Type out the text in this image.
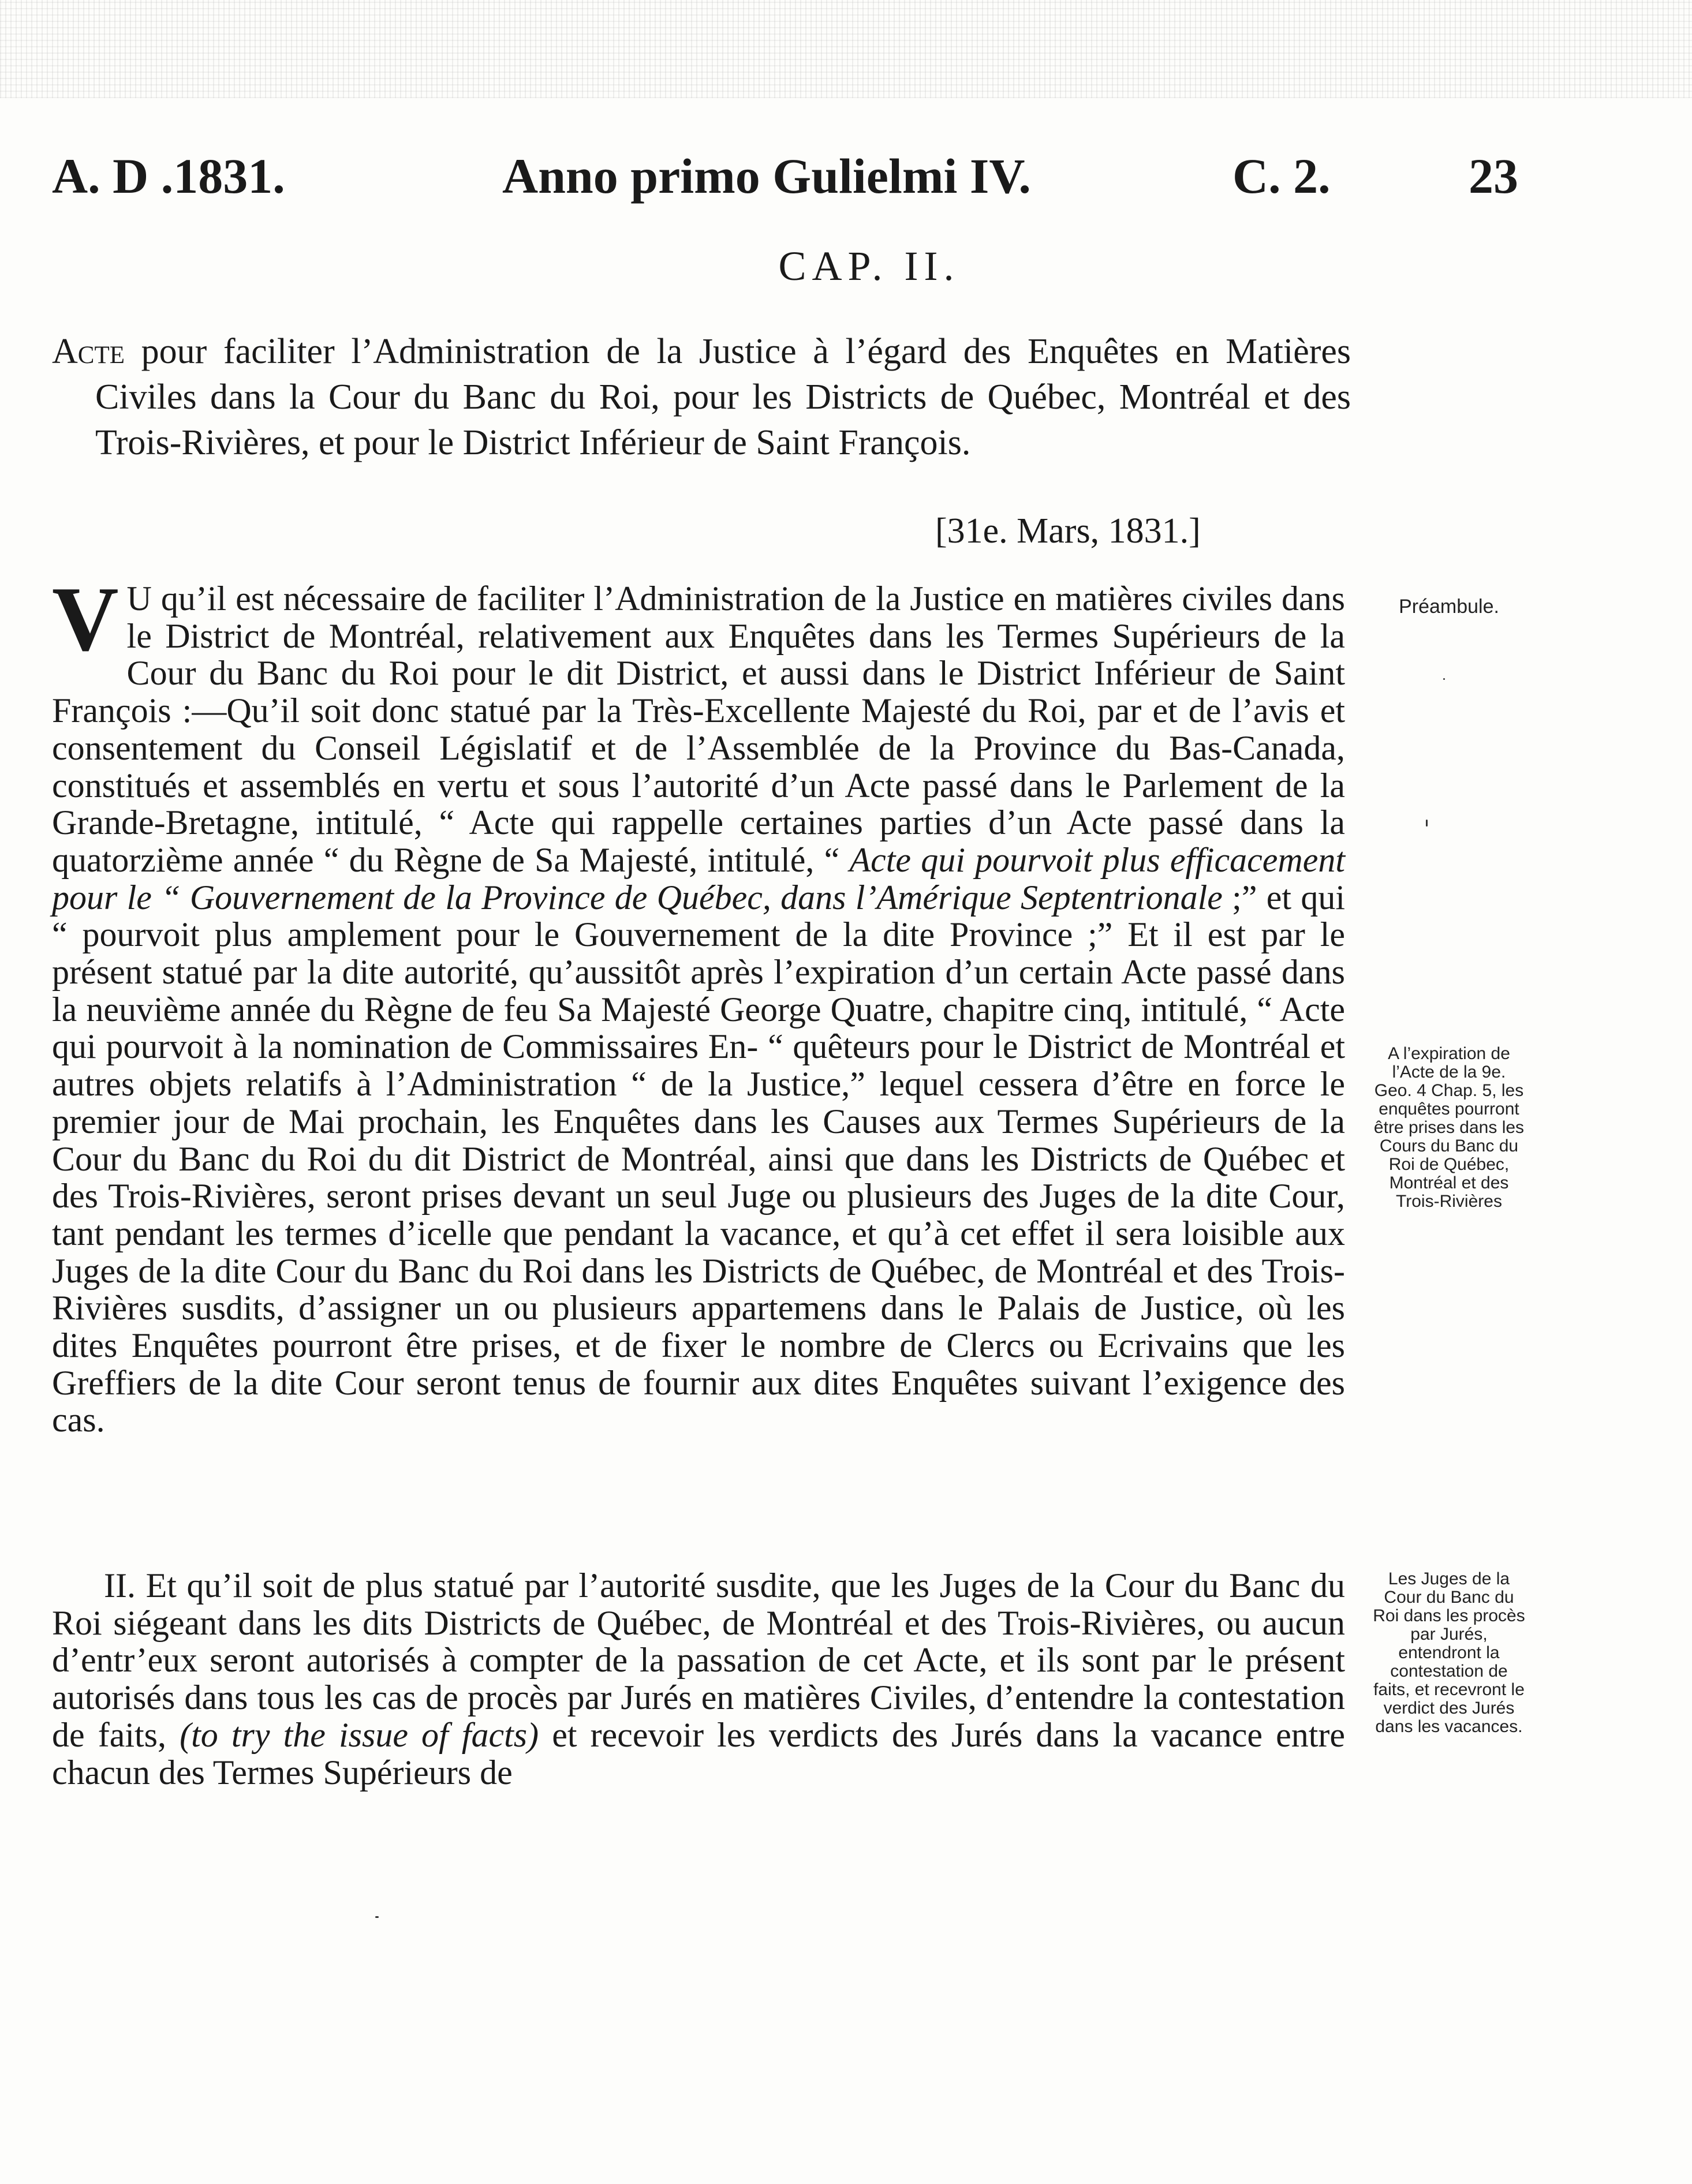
A. D .1831.	Anno primo Gulielmi IV.	C. 2.	23
CAP. II.

Acte pour faciliter l’Administration de la Justice à l’égard des Enquêtes en Matières Civiles dans la Cour du Banc du Roi, pour les Districts de Québec, Montréal et des Trois-Rivières, et pour le District Inférieur de Saint François.

[31e. Mars, 1831.]

V U qu’il est nécessaire de faciliter l’Administration de la Justice en matières civiles dans le District de Montréal, relativement aux Enquêtes dans les Termes Supérieurs de la Cour du Banc du Roi pour le dit District, et aussi dans le District Inférieur de Saint François :—Qu’il soit donc statué par la Très-Excellente Majesté du Roi, par et de l’avis et consentement du Conseil Législatif et de l’Assemblée de la Province du Bas-Canada, constitués et assemblés en vertu et sous l’autorité d’un Acte passé dans le Parlement de la Grande-Bretagne, intitulé, “ Acte qui rappelle certaines parties d’un Acte passé dans la quatorzième année “ du Règne de Sa Majesté, intitulé, “ Acte qui pourvoit plus efficacement pour le “ Gouvernement de la Province de Québec, dans l’Amérique Septentrionale ;” et qui “ pourvoit plus amplement pour le Gouvernement de la dite Province ;” Et il est par le présent statué par la dite autorité, qu’aussitôt après l’expiration d’un certain Acte passé dans la neuvième année du Règne de feu Sa Majesté George Quatre, chapitre cinq, intitulé, “ Acte qui pourvoit à la nomination de Commissaires En- “ quêteurs pour le District de Montréal et autres objets relatifs à l’Administration “ de la Justice,” lequel cessera d’être en force le premier jour de Mai prochain, les Enquêtes dans les Causes aux Termes Supérieurs de la Cour du Banc du Roi du dit District de Montréal, ainsi que dans les Districts de Québec et des Trois-Rivières, seront prises devant un seul Juge ou plusieurs des Juges de la dite Cour, tant pendant les termes d’icelle que pendant la vacance, et qu’à cet effet il sera loisible aux Juges de la dite Cour du Banc du Roi dans les Districts de Québec, de Montréal et des Trois-Rivières susdits, d’assigner un ou plusieurs appartemens dans le Palais de Justice, où les dites Enquêtes pourront être prises, et de fixer le nombre de Clercs ou Ecrivains que les Greffiers de la dite Cour seront tenus de fournir aux dites Enquêtes suivant l’exigence des cas.

II. Et qu’il soit de plus statué par l’autorité susdite, que les Juges de la Cour du Banc du Roi siégeant dans les dits Districts de Québec, de Montréal et des Trois-Rivières, ou aucun d’entr’eux seront autorisés à compter de la passation de cet Acte, et ils sont par le présent autorisés dans tous les cas de procès par Jurés en matières Civiles, d’entendre la contestation de faits, (to try the issue of facts) et recevoir les verdicts des Jurés dans la vacance entre chacun des Termes Supérieurs de

Préambule.
A l’expiration de l’Acte de la 9e. Geo. 4 Chap. 5, les enquêtes pourront être prises dans les Cours du Banc du Roi de Québec, Montréal et des Trois-Rivières
Les Juges de la Cour du Banc du Roi dans les procès par Jurés, entendront la contestation de faits, et recevront le verdict des Jurés dans les vacances.
